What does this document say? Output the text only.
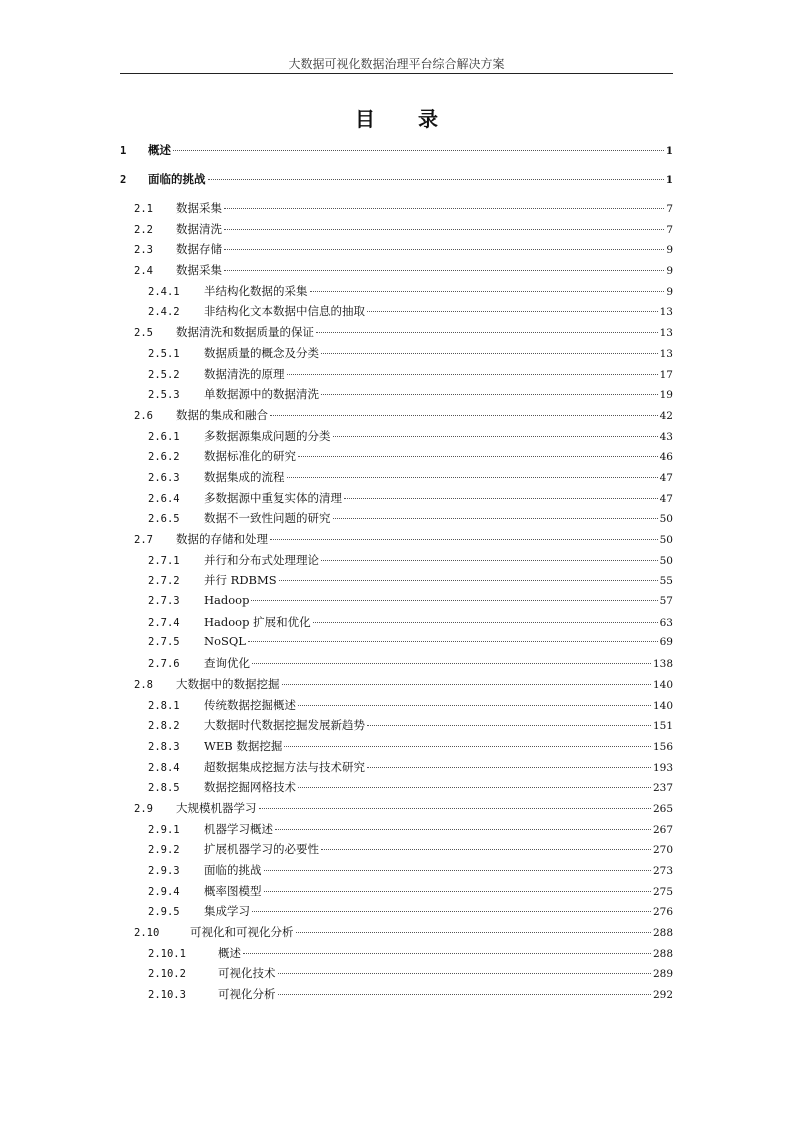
大数据可视化数据治理平台综合解决方案
目 录
1	概述	1
2	面临的挑战	1
2.1	数据采集	7
2.2	数据清洗	7
2.3	数据存储	9
2.4	数据采集	9
2.4.1	半结构化数据的采集	9
2.4.2	非结构化文本数据中信息的抽取	13
2.5	数据清洗和数据质量的保证	13
2.5.1	数据质量的概念及分类	13
2.5.2	数据清洗的原理	17
2.5.3	单数据源中的数据清洗	19
2.6	数据的集成和融合	42
2.6.1	多数据源集成问题的分类	43
2.6.2	数据标准化的研究	46
2.6.3	数据集成的流程	47
2.6.4	多数据源中重复实体的清理	47
2.6.5	数据不一致性问题的研究	50
2.7	数据的存储和处理	50
2.7.1	并行和分布式处理理论	50
2.7.2	并行 RDBMS	55
2.7.3	Hadoop	57
2.7.4	Hadoop 扩展和优化	63
2.7.5	NoSQL	69
2.7.6	查询优化	138
2.8	大数据中的数据挖掘	140
2.8.1	传统数据挖掘概述	140
2.8.2	大数据时代数据挖掘发展新趋势	151
2.8.3	WEB 数据挖掘	156
2.8.4	超数据集成挖掘方法与技术研究	193
2.8.5	数据挖掘网格技术	237
2.9	大规模机器学习	265
2.9.1	机器学习概述	267
2.9.2	扩展机器学习的必要性	270
2.9.3	面临的挑战	273
2.9.4	概率图模型	275
2.9.5	集成学习	276
2.10	可视化和可视化分析	288
2.10.1	概述	288
2.10.2	可视化技术	289
2.10.3	可视化分析	292
